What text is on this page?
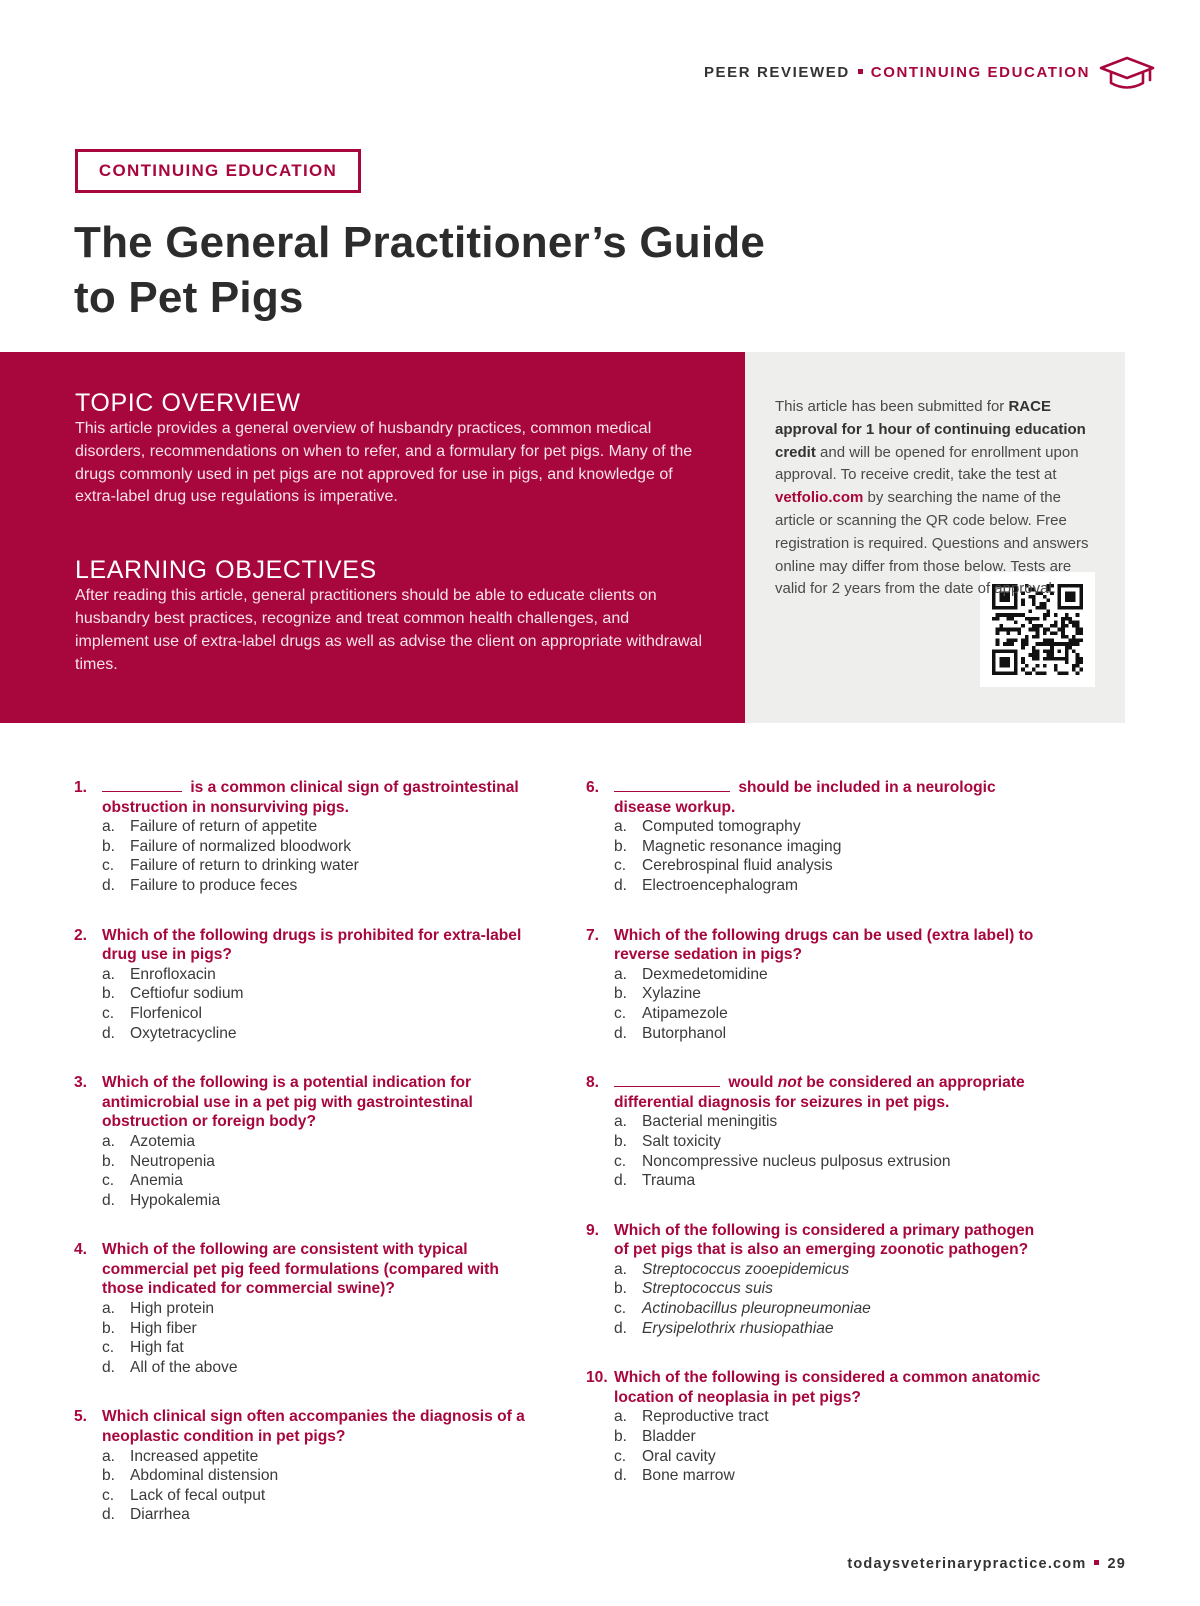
PEER REVIEWED CONTINUING EDUCATION
CONTINUING EDUCATION
The General Practitioner’s Guide
to Pet Pigs
TOPIC OVERVIEW

This article provides a general overview of husbandry practices, common medical disorders, recommendations on when to refer, and a formulary for pet pigs. Many of the drugs commonly used in pet pigs are not approved for use in pigs, and knowledge of extra-label drug use regulations is imperative.

LEARNING OBJECTIVES

After reading this article, general practitioners should be able to educate clients on husbandry best practices, recognize and treat common health challenges, and implement use of extra-label drugs as well as advise the client on appropriate withdrawal times.

This article has been submitted for RACE approval for 1 hour of continuing education credit and will be opened for enrollment upon approval. To receive credit, take the test at vetfolio.com by searching the name of the article or scanning the QR code below. Free registration is required. Questions and answers online may differ from those below. Tests are valid for 2 years from the date of approval.
1.	is a common clinical sign of gastrointestinal obstruction in nonsurviving pigs.
a. Failure of return of appetite
b. Failure of normalized bloodwork
c. Failure of return to drinking water
d. Failure to produce feces
2. Which of the following drugs is prohibited for extra-label drug use in pigs?
a. Enrofloxacin
b. Ceftiofur sodium
c. Florfenicol
d. Oxytetracycline
3. Which of the following is a potential indication for antimicrobial use in a pet pig with gastrointestinal obstruction or foreign body?
a. Azotemia
b. Neutropenia
c. Anemia
d. Hypokalemia
4. Which of the following are consistent with typical commercial pet pig feed formulations (compared with those indicated for commercial swine)?
a. High protein
b. High fiber
c. High fat
d. All of the above
5. Which clinical sign often accompanies the diagnosis of a neoplastic condition in pet pigs?
a. Increased appetite
b. Abdominal distension
c. Lack of fecal output
d. Diarrhea
6.	should be included in a neurologic disease workup.
a. Computed tomography
b. Magnetic resonance imaging
c. Cerebrospinal fluid analysis
d. Electroencephalogram
7. Which of the following drugs can be used (extra label) to reverse sedation in pigs?
a. Dexmedetomidine
b. Xylazine
c. Atipamezole
d. Butorphanol
8.	would not be considered an appropriate differential diagnosis for seizures in pet pigs.
a. Bacterial meningitis
b. Salt toxicity
c. Noncompressive nucleus pulposus extrusion
d. Trauma
9. Which of the following is considered a primary pathogen of pet pigs that is also an emerging zoonotic pathogen?
a. Streptococcus zooepidemicus
b. Streptococcus suis
c. Actinobacillus pleuropneumoniae
d. Erysipelothrix rhusiopathiae
10. Which of the following is considered a common anatomic location of neoplasia in pet pigs?
a. Reproductive tract
b. Bladder
c. Oral cavity
d. Bone marrow
todaysveterinarypractice.com 29
